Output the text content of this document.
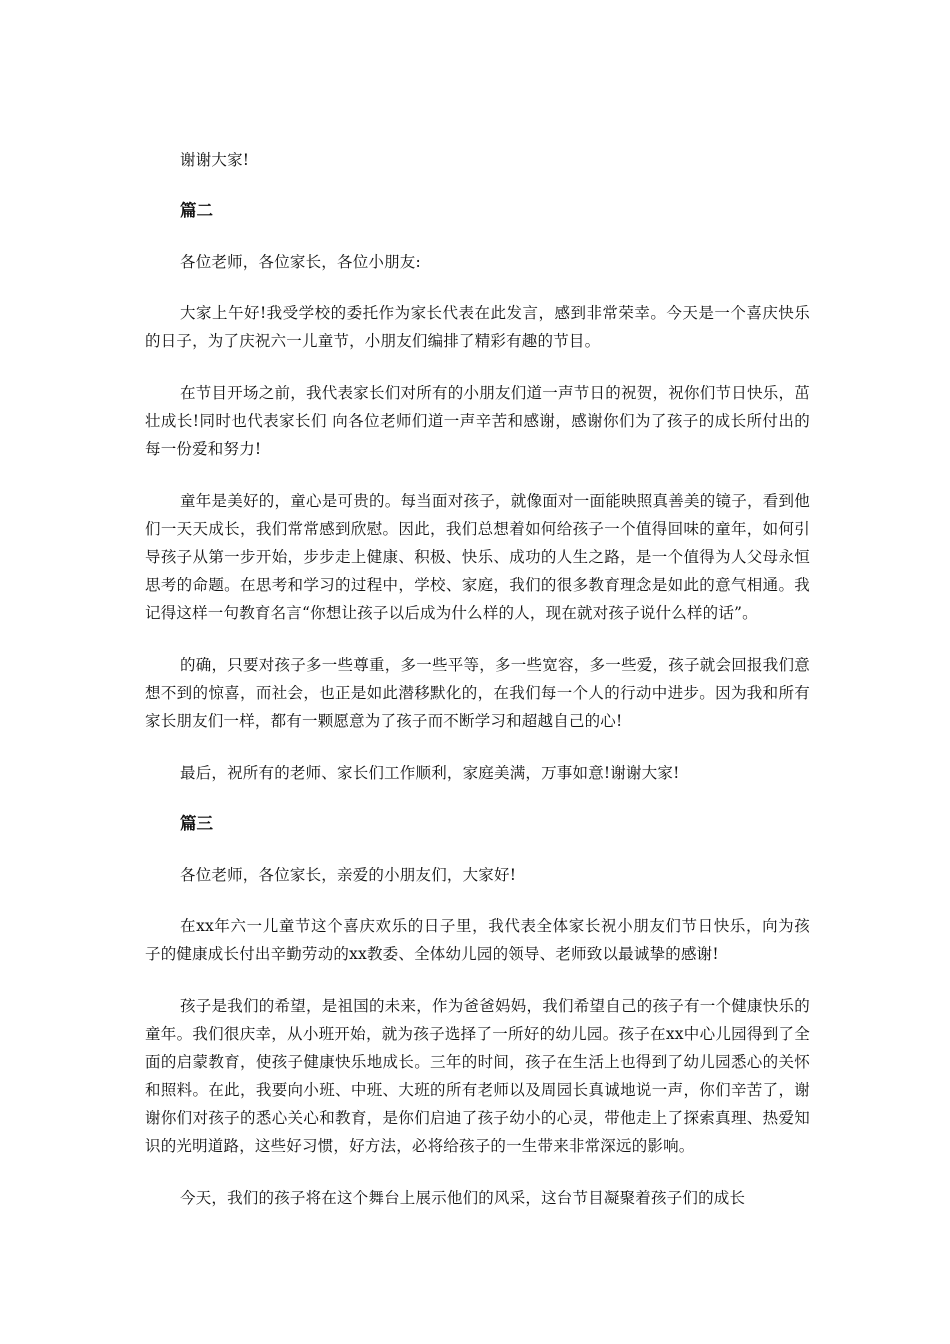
谢谢大家!

篇二

各位老师，各位家长，各位小朋友:

大家上午好!我受学校的委托作为家长代表在此发言，感到非常荣幸。今天是一个喜庆快乐的日子，为了庆祝六一儿童节，小朋友们编排了精彩有趣的节目。

在节目开场之前，我代表家长们对所有的小朋友们道一声节日的祝贺，祝你们节日快乐，茁壮成长!同时也代表家长们 向各位老师们道一声辛苦和感谢，感谢你们为了孩子的成长所付出的每一份爱和努力!

童年是美好的，童心是可贵的。每当面对孩子，就像面对一面能映照真善美的镜子，看到他们一天天成长，我们常常感到欣慰。因此，我们总想着如何给孩子一个值得回味的童年，如何引导孩子从第一步开始，步步走上健康、积极、快乐、成功的人生之路，是一个值得为人父母永恒思考的命题。在思考和学习的过程中，学校、家庭，我们的很多教育理念是如此的意气相通。我记得这样一句教育名言“你想让孩子以后成为什么样的人，现在就对孩子说什么样的话”。

的确，只要对孩子多一些尊重，多一些平等，多一些宽容，多一些爱，孩子就会回报我们意想不到的惊喜，而社会，也正是如此潜移默化的，在我们每一个人的行动中进步。因为我和所有家长朋友们一样，都有一颗愿意为了孩子而不断学习和超越自己的心!

最后，祝所有的老师、家长们工作顺利，家庭美满，万事如意!谢谢大家!

篇三

各位老师，各位家长，亲爱的小朋友们，大家好!

在xx年六一儿童节这个喜庆欢乐的日子里，我代表全体家长祝小朋友们节日快乐，向为孩子的健康成长付出辛勤劳动的xx教委、全体幼儿园的领导、老师致以最诚挚的感谢!

孩子是我们的希望，是祖国的未来，作为爸爸妈妈，我们希望自己的孩子有一个健康快乐的童年。我们很庆幸，从小班开始，就为孩子选择了一所好的幼儿园。孩子在xx中心儿园得到了全面的启蒙教育，使孩子健康快乐地成长。三年的时间，孩子在生活上也得到了幼儿园悉心的关怀和照料。在此，我要向小班、中班、大班的所有老师以及周园长真诚地说一声，你们辛苦了，谢谢你们对孩子的悉心关心和教育，是你们启迪了孩子幼小的心灵，带他走上了探索真理、热爱知识的光明道路，这些好习惯，好方法，必将给孩子的一生带来非常深远的影响。

今天，我们的孩子将在这个舞台上展示他们的风采，这台节目凝聚着孩子们的成长
